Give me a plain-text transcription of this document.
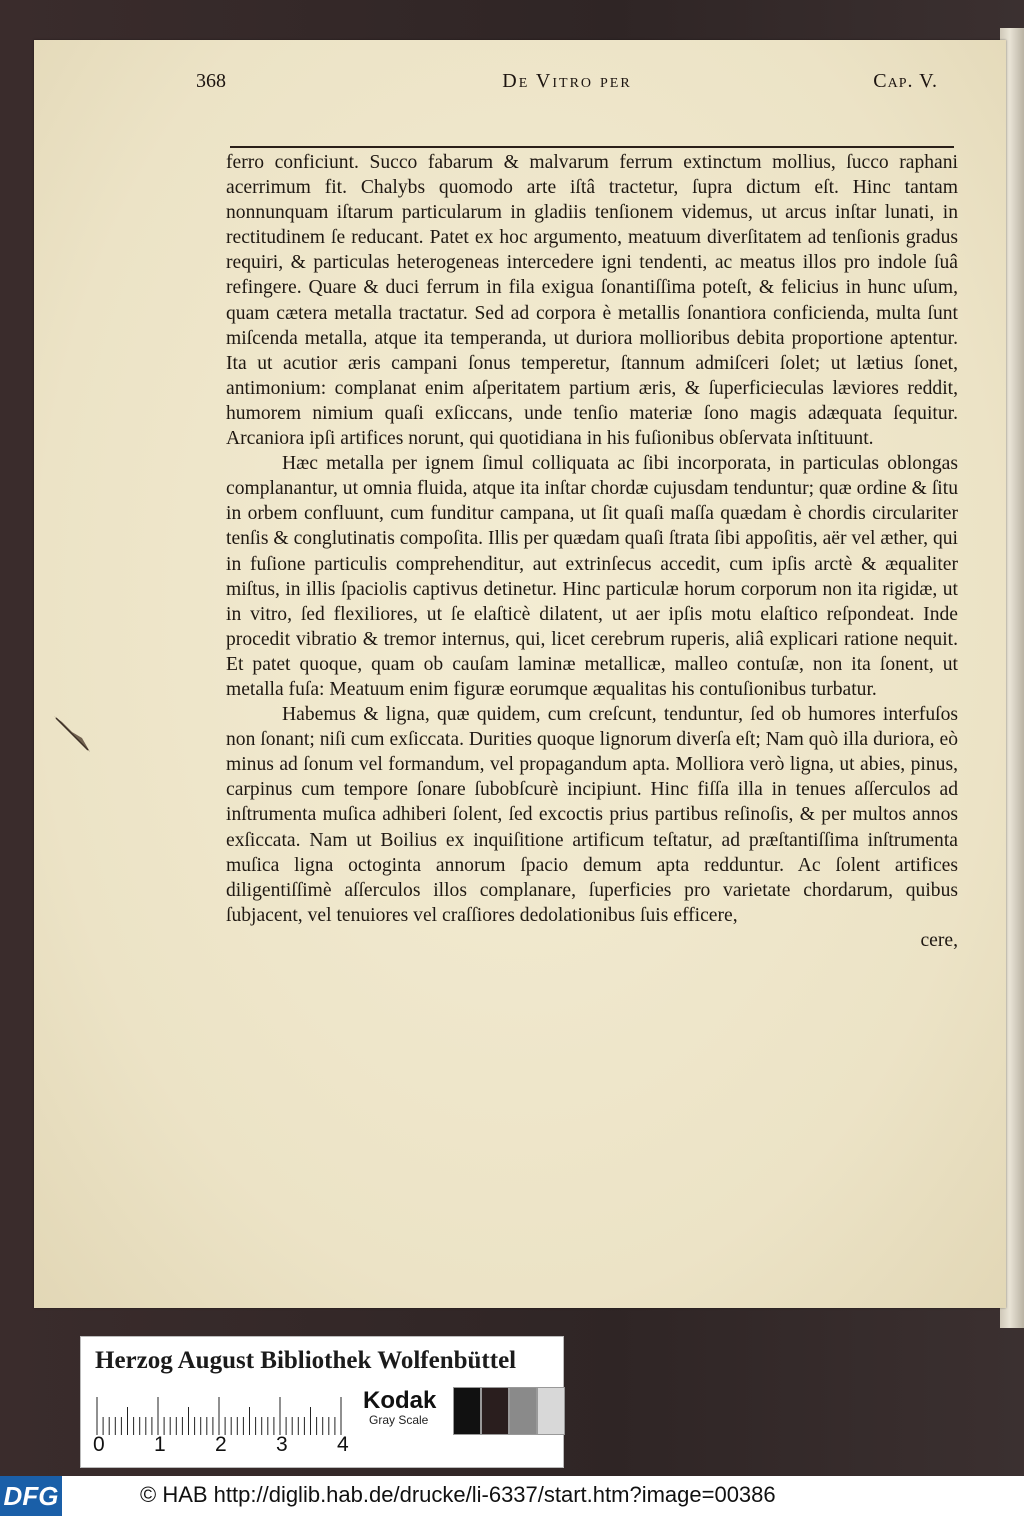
368	De Vitro per	Cap. V.

ferro conficiunt. Succo fabarum & malvarum ferrum extinctum mollius, ſucco raphani acerrimum fit. Chalybs quomodo arte iſtâ tractetur, ſupra dictum eſt. Hinc tantam nonnunquam iſtarum particularum in gladiis tenſionem videmus, ut arcus inſtar lunati, in rectitudinem ſe reducant. Patet ex hoc argumento, meatuum diverſitatem ad tenſionis gradus requiri, & particulas heterogeneas intercedere igni tendenti, ac meatus illos pro indole ſuâ refingere. Quare & duci ferrum in fila exigua ſonantiſſima poteſt, & felicius in hunc uſum, quam cætera metalla tractatur. Sed ad corpora è metallis ſonantiora conficienda, multa ſunt miſcenda metalla, atque ita temperanda, ut duriora mollioribus debita proportione aptentur. Ita ut acutior æris campani ſonus temperetur, ſtannum admiſceri ſolet; ut lætius ſonet, antimonium: complanat enim aſperitatem partium æris, & ſuperficieculas læviores reddit, humorem nimium quaſi exſiccans, unde tenſio materiæ ſono magis adæquata ſequitur. Arcaniora ipſi artifices norunt, qui quotidiana in his fuſionibus obſervata inſtituunt.

Hæc metalla per ignem ſimul colliquata ac ſibi incorporata, in particulas oblongas complanantur, ut omnia fluida, atque ita inſtar chordæ cujusdam tenduntur; quæ ordine & ſitu in orbem confluunt, cum funditur campana, ut ſit quaſi maſſa quædam è chordis circulariter tenſis & conglutinatis compoſita. Illis per quædam quaſi ſtrata ſibi appoſitis, aër vel æther, qui in fuſione particulis comprehenditur, aut extrinſecus accedit, cum ipſis arctè & æqualiter miſtus, in illis ſpaciolis captivus detinetur. Hinc particulæ horum corporum non ita rigidæ, ut in vitro, ſed flexiliores, ut ſe elaſticè dilatent, ut aer ipſis motu elaſtico reſpondeat. Inde procedit vibratio & tremor internus, qui, licet cerebrum ruperis, aliâ explicari ratione nequit. Et patet quoque, quam ob cauſam laminæ metallicæ, malleo contuſæ, non ita ſonent, ut metalla fuſa: Meatuum enim figuræ eorumque æqualitas his contuſionibus turbatur.

Habemus & ligna, quæ quidem, cum creſcunt, tenduntur, ſed ob humores interfuſos non ſonant; niſi cum exſiccata. Durities quoque lignorum diverſa eſt; Nam quò illa duriora, eò minus ad ſonum vel formandum, vel propagandum apta. Molliora verò ligna, ut abies, pinus, carpinus cum tempore ſonare ſubobſcurè incipiunt. Hinc fiſſa illa in tenues aſſerculos ad inſtrumenta muſica adhiberi ſolent, ſed excoctis prius partibus reſinoſis, & per multos annos exſiccata. Nam ut Boilius ex inquiſitione artificum teſtatur, ad præſtantiſſima inſtrumenta muſica ligna octoginta annorum ſpacio demum apta redduntur. Ac ſolent artifices diligentiſſimè aſſerculos illos complanare, ſuperficies pro varietate chordarum, quibus ſubjacent, vel tenuiores vel craſſiores dedolationibus ſuis efficere,

cere,

Herzog August Bibliothek Wolfenbüttel
0 1 2 3 4
Kodak
Gray Scale
DFG	© HAB http://diglib.hab.de/drucke/li-6337/start.htm?image=00386
